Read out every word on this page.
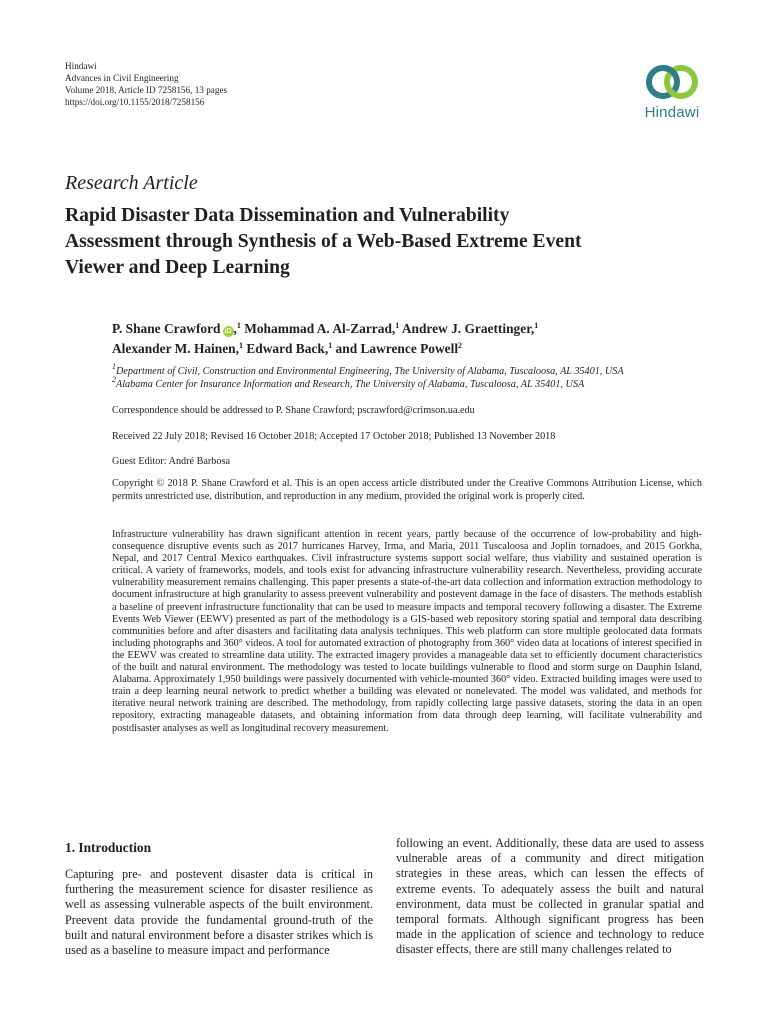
Hindawi
Advances in Civil Engineering
Volume 2018, Article ID 7258156, 13 pages
https://doi.org/10.1155/2018/7258156
Hindawi
Research Article
Rapid Disaster Data Dissemination and Vulnerability
Assessment through Synthesis of a Web-Based Extreme Event
Viewer and Deep Learning
P. Shane Crawford iD ,$^1$ Mohammad A. Al-Zarrad,$^1$ Andrew J. Graettinger,$^1$
Alexander M. Hainen,$^1$ Edward Back,$^1$ and Lawrence Powell$^2$
$^1$Department of Civil, Construction and Environmental Engineering, The University of Alabama, Tuscaloosa, AL 35401, USA
$^2$Alabama Center for Insurance Information and Research, The University of Alabama, Tuscaloosa, AL 35401, USA
Correspondence should be addressed to P. Shane Crawford; pscrawford@crimson.ua.edu
Received 22 July 2018; Revised 16 October 2018; Accepted 17 October 2018; Published 13 November 2018
Guest Editor: André Barbosa
Copyright © 2018 P. Shane Crawford et al. This is an open access article distributed under the Creative Commons Attribution License, which permits unrestricted use, distribution, and reproduction in any medium, provided the original work is properly cited.
Infrastructure vulnerability has drawn significant attention in recent years, partly because of the occurrence of low-probability and high-consequence disruptive events such as 2017 hurricanes Harvey, Irma, and Maria, 2011 Tuscaloosa and Joplin tornadoes, and 2015 Gorkha, Nepal, and 2017 Central Mexico earthquakes. Civil infrastructure systems support social welfare, thus viability and sustained operation is critical. A variety of frameworks, models, and tools exist for advancing infrastructure vulnerability research. Nevertheless, providing accurate vulnerability measurement remains challenging. This paper presents a state-of-the-art data collection and information extraction methodology to document infrastructure at high granularity to assess preevent vulnerability and postevent damage in the face of disasters. The methods establish a baseline of preevent infrastructure functionality that can be used to measure impacts and temporal recovery following a disaster. The Extreme Events Web Viewer (EEWV) presented as part of the methodology is a GIS-based web repository storing spatial and temporal data describing communities before and after disasters and facilitating data analysis techniques. This web platform can store multiple geolocated data formats including photographs and 360° videos. A tool for automated extraction of photography from 360° video data at locations of interest specified in the EEWV was created to streamline data utility. The extracted imagery provides a manageable data set to efficiently document characteristics of the built and natural environment. The methodology was tested to locate buildings vulnerable to flood and storm surge on Dauphin Island, Alabama. Approximately 1,950 buildings were passively documented with vehicle-mounted 360° video. Extracted building images were used to train a deep learning neural network to predict whether a building was elevated or nonelevated. The model was validated, and methods for iterative neural network training are described. The methodology, from rapidly collecting large passive datasets, storing the data in an open repository, extracting manageable datasets, and obtaining information from data through deep learning, will facilitate vulnerability and postdisaster analyses as well as longitudinal recovery measurement.
1. Introduction
Capturing pre- and postevent disaster data is critical in furthering the measurement science for disaster resilience as well as assessing vulnerable aspects of the built environment. Preevent data provide the fundamental ground-truth of the built and natural environment before a disaster strikes which is used as a baseline to measure impact and performance
following an event. Additionally, these data are used to assess vulnerable areas of a community and direct mitigation strategies in these areas, which can lessen the effects of extreme events. To adequately assess the built and natural environment, data must be collected in granular spatial and temporal formats. Although significant progress has been made in the application of science and technology to reduce disaster effects, there are still many challenges related to
